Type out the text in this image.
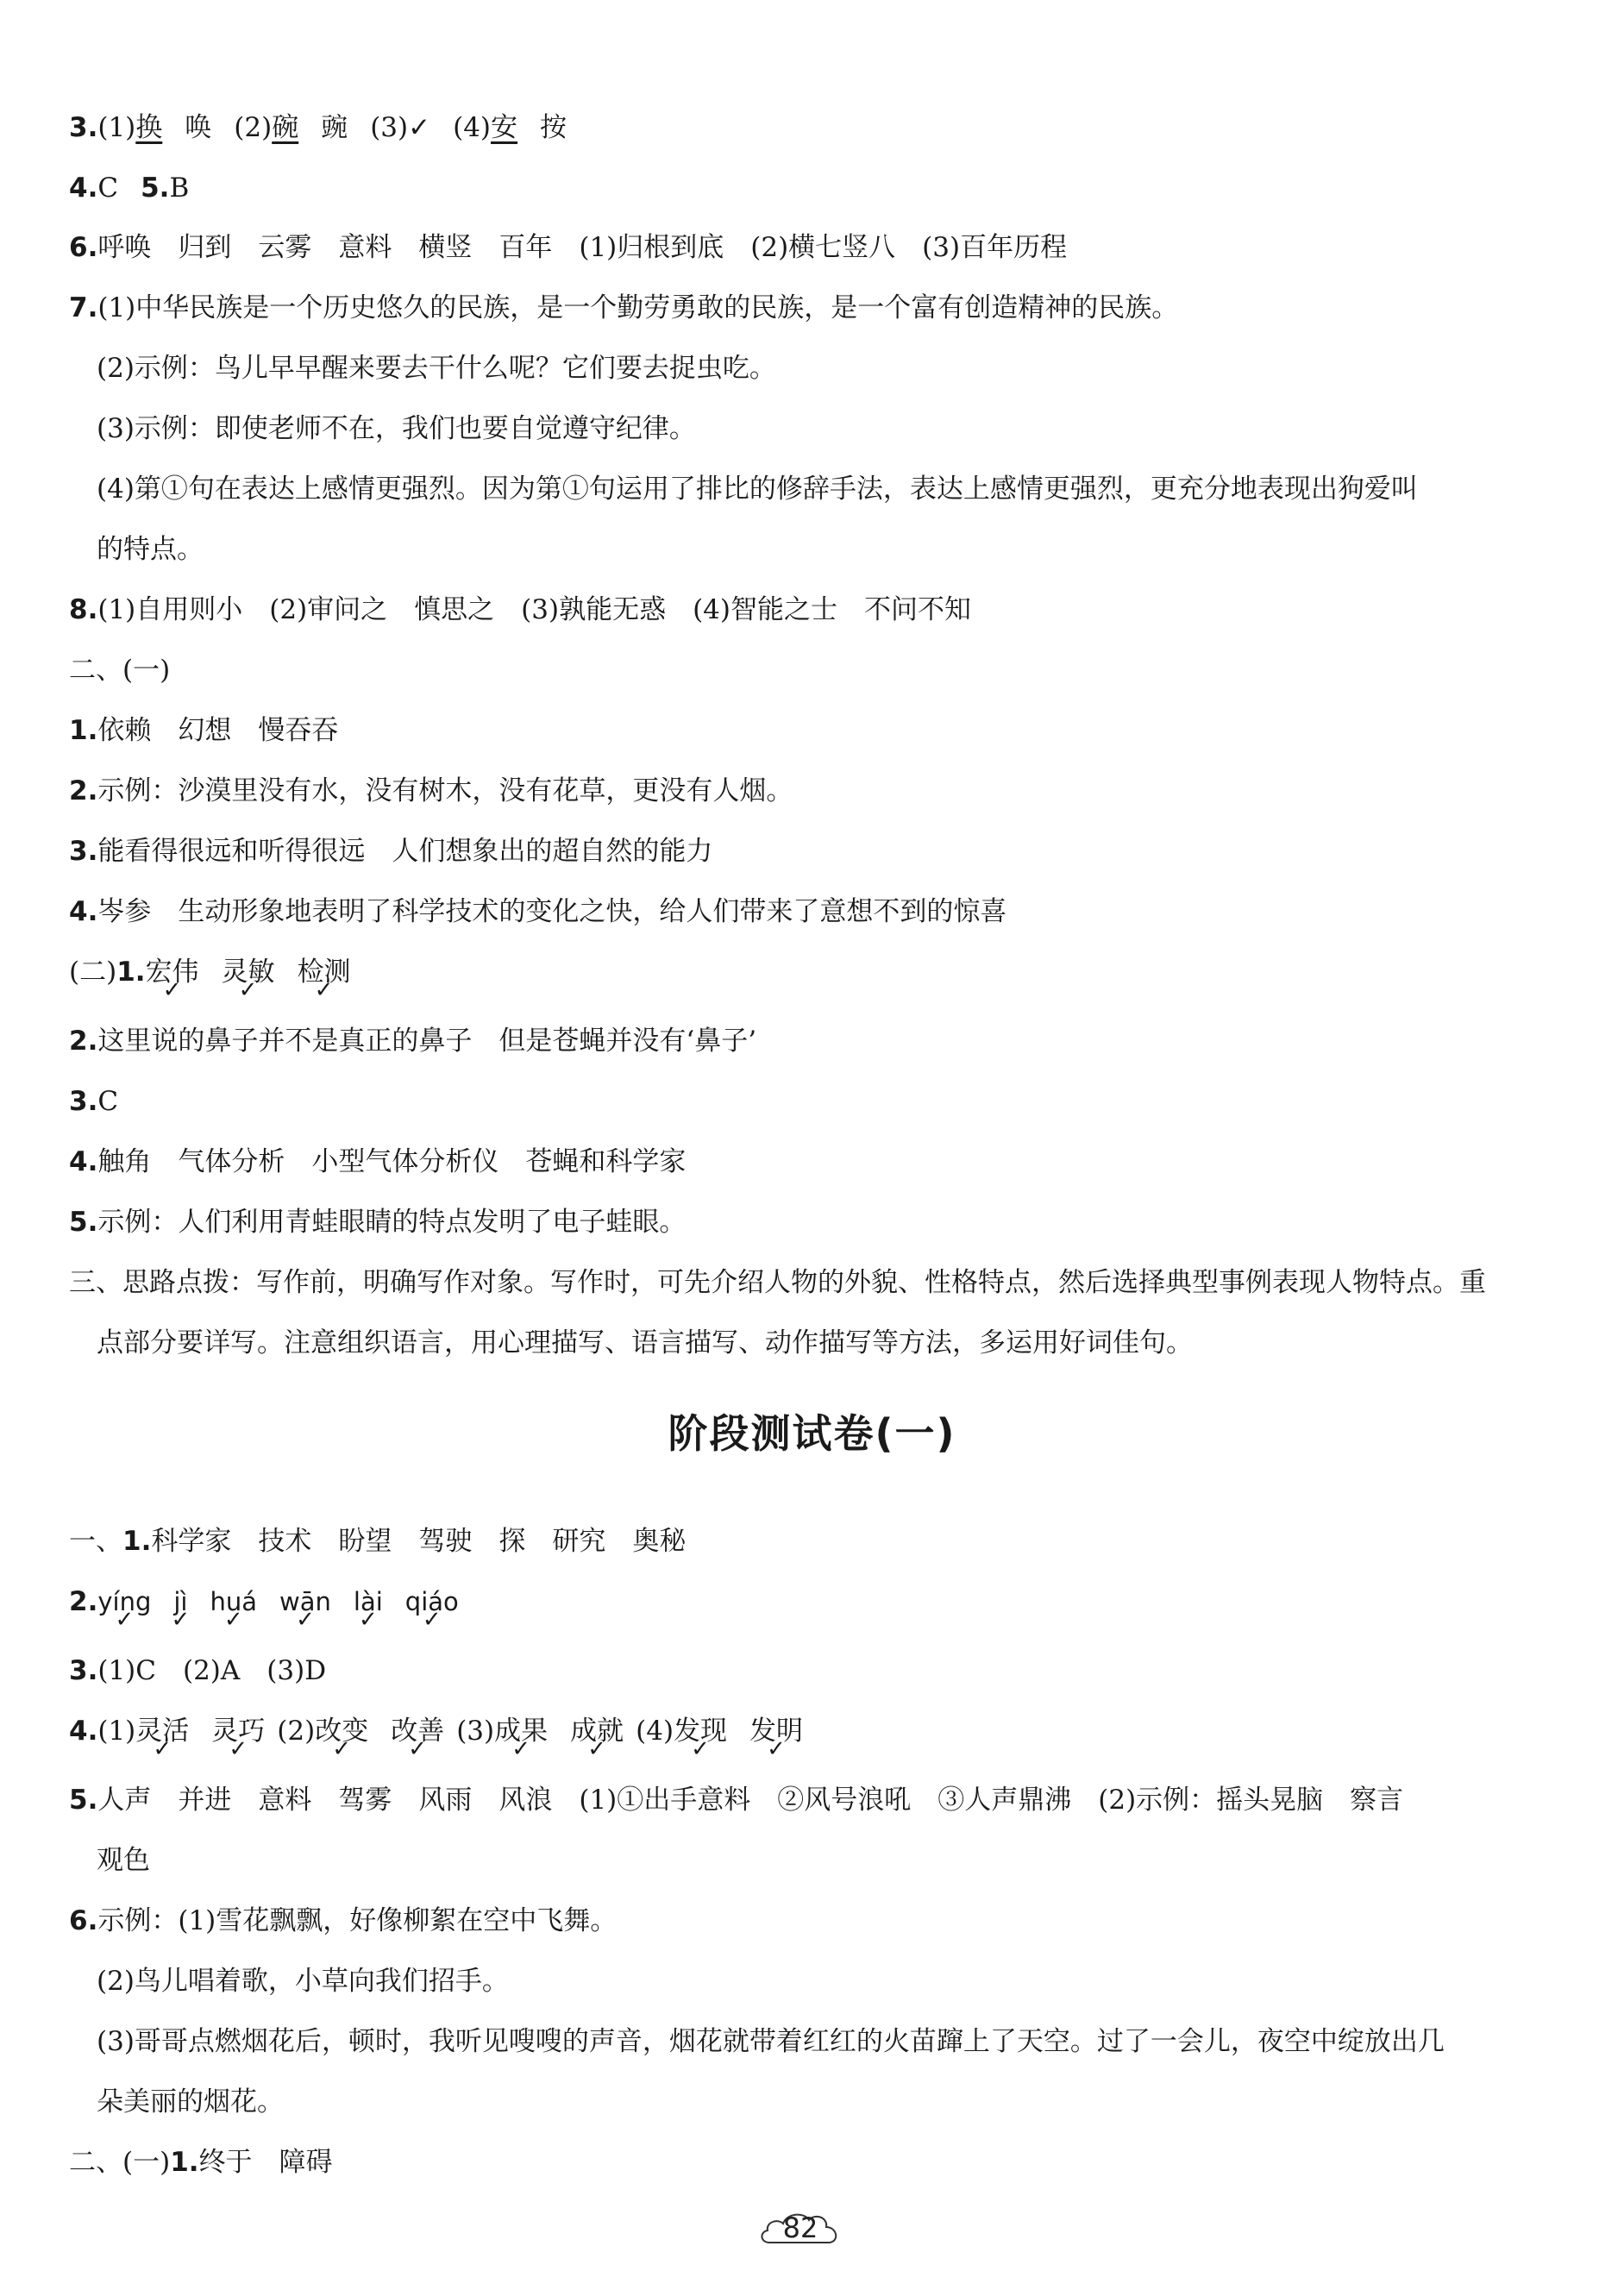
3.(1)换 唤 (2)碗 豌 (3)✓ (4)安 按
4.C 5.B
6.呼唤　归到　云雾　意料　横竖　百年　(1)归根到底　(2)横七竖八　(3)百年历程
7.(1)中华民族是一个历史悠久的民族，是一个勤劳勇敢的民族，是一个富有创造精神的民族。
(2)示例：鸟儿早早醒来要去干什么呢？它们要去捉虫吃。
(3)示例：即使老师不在，我们也要自觉遵守纪律。
(4)第①句在表达上感情更强烈。因为第①句运用了排比的修辞手法，表达上感情更强烈，更充分地表现出狗爱叫
的特点。
8.(1)自用则小　(2)审问之　慎思之　(3)孰能无惑　(4)智能之士　不问不知
二、(一)
1.依赖　幻想　慢吞吞
2.示例：沙漠里没有水，没有树木，没有花草，更没有人烟。
3.能看得很远和听得很远　人们想象出的超自然的能力
4.岑参　生动形象地表明了科学技术的变化之快，给人们带来了意想不到的惊喜
(二)1.宏伟 ✓ 灵敏 ✓ 检测 ✓
2.这里说的鼻子并不是真正的鼻子　但是苍蝇并没有‘鼻子’
3.C
4.触角　气体分析　小型气体分析仪　苍蝇和科学家
5.示例：人们利用青蛙眼睛的特点发明了电子蛙眼。
三、思路点拨：写作前，明确写作对象。写作时，可先介绍人物的外貌、性格特点，然后选择典型事例表现人物特点。重
点部分要详写。注意组织语言，用心理描写、语言描写、动作描写等方法，多运用好词佳句。
阶段测试卷(一)
一、1.科学家　技术　盼望　驾驶　探　研究　奥秘
2.yíng ✓ jì ✓ huá ✓ wān ✓ lài ✓ qiáo ✓
3.(1)C　(2)A　(3)D
4.(1)灵活 ✓ 灵巧 ✓ (2)改变 ✓ 改善 ✓ (3)成果 ✓ 成就 ✓ (4)发现 ✓ 发明 ✓
5.人声　并进　意料　驾雾　风雨　风浪　(1)①出手意料　②风号浪吼　③人声鼎沸　(2)示例：摇头晃脑　察言
观色
6.示例：(1)雪花飘飘，好像柳絮在空中飞舞。
(2)鸟儿唱着歌，小草向我们招手。
(3)哥哥点燃烟花后，顿时，我听见嗖嗖的声音，烟花就带着红红的火苗蹿上了天空。过了一会儿，夜空中绽放出几
朵美丽的烟花。
二、(一)1.终于　障碍
82
